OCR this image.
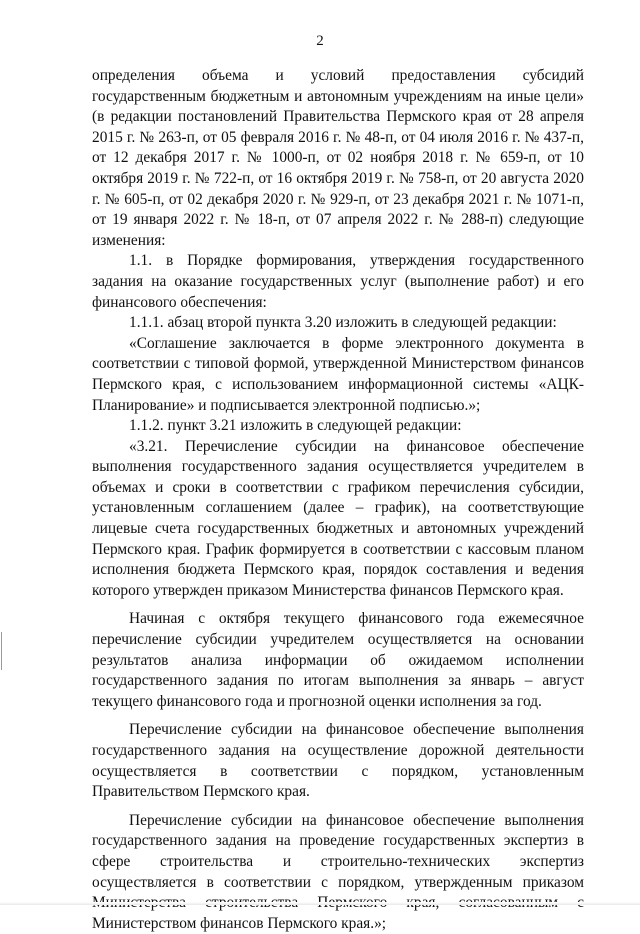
2

определения объема и условий предоставления субсидий государственным бюджетным и автономным учреждениям на иные цели» (в редакции постановлений Правительства Пермского края от 28 апреля 2015 г. № 263-п, от 05 февраля 2016 г. № 48-п, от 04 июля 2016 г. № 437-п, от 12 декабря 2017 г. № 1000-п, от 02 ноября 2018 г. № 659-п, от 10 октября 2019 г. № 722-п, от 16 октября 2019 г. № 758-п, от 20 августа 2020 г. № 605-п, от 02 декабря 2020 г. № 929-п, от 23 декабря 2021 г. № 1071-п, от 19 января 2022 г. № 18-п, от 07 апреля 2022 г. № 288-п) следующие изменения:

1.1. в Порядке формирования, утверждения государственного задания на оказание государственных услуг (выполнение работ) и его финансового обеспечения:

1.1.1. абзац второй пункта 3.20 изложить в следующей редакции:

«Соглашение заключается в форме электронного документа в соответствии с типовой формой, утвержденной Министерством финансов Пермского края, с использованием информационной системы «АЦК-Планирование» и подписывается электронной подписью.»;

1.1.2. пункт 3.21 изложить в следующей редакции:

«3.21. Перечисление субсидии на финансовое обеспечение выполнения государственного задания осуществляется учредителем в объемах и сроки в соответствии с графиком перечисления субсидии, установленным соглашением (далее – график), на соответствующие лицевые счета государственных бюджетных и автономных учреждений Пермского края. График формируется в соответствии с кассовым планом исполнения бюджета Пермского края, порядок составления и ведения которого утвержден приказом Министерства финансов Пермского края.

Начиная с октября текущего финансового года ежемесячное перечисление субсидии учредителем осуществляется на основании результатов анализа информации об ожидаемом исполнении государственного задания по итогам выполнения за январь – август текущего финансового года и прогнозной оценки исполнения за год.

Перечисление субсидии на финансовое обеспечение выполнения государственного задания на осуществление дорожной деятельности осуществляется в соответствии с порядком, установленным Правительством Пермского края.

Перечисление субсидии на финансовое обеспечение выполнения государственного задания на проведение государственных экспертиз в сфере строительства и строительно-технических экспертиз осуществляется в соответствии с порядком, утвержденным приказом Министерством финансов Пермского края.»;
